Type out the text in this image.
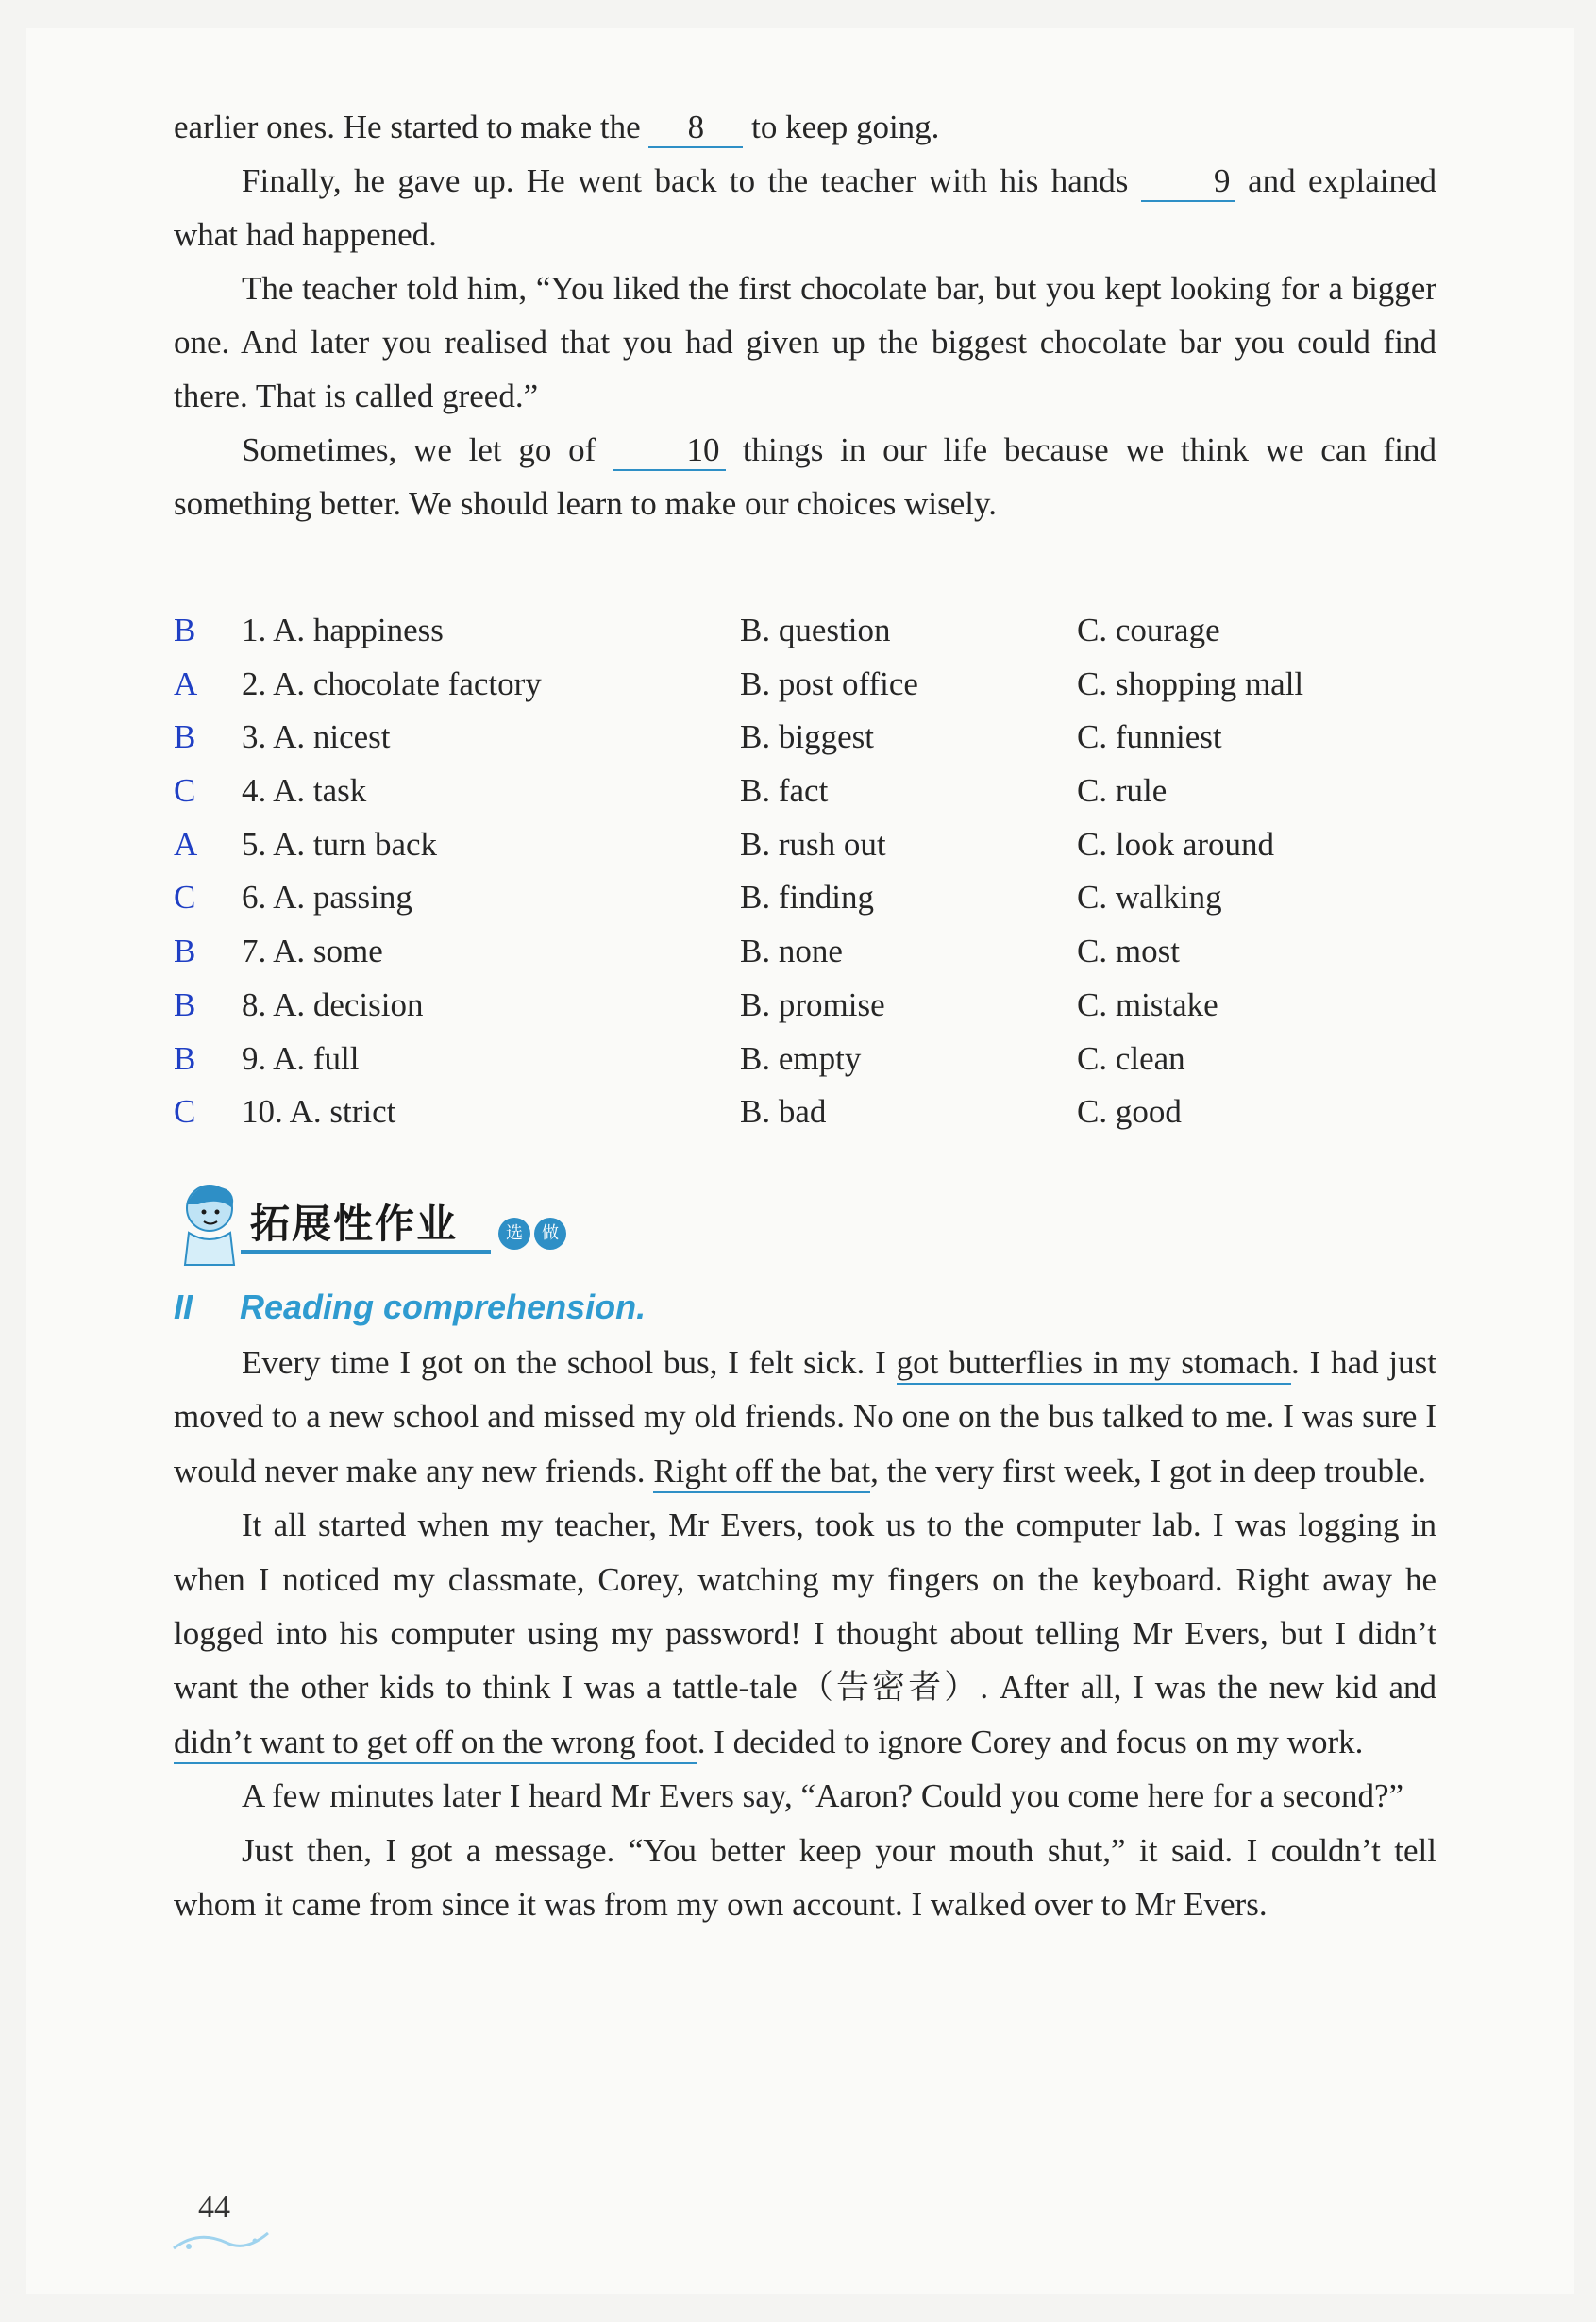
earlier ones. He started to make the 8 to keep going.

Finally, he gave up. He went back to the teacher with his hands	9 and explained what had happened.

The teacher told him, “You liked the first chocolate bar, but you kept looking for a bigger one. And later you realised that you had given up the biggest chocolate bar you could find there. That is called greed.”

Sometimes, we let go of	10 things in our life because we think we can find something better. We should learn to make our choices wisely.

B 1. A. happiness	B. question	C. courage
A 2. A. chocolate factory	B. post office	C. shopping mall
B 3. A. nicest	B. biggest	C. funniest
C 4. A. task	B. fact	C. rule
A 5. A. turn back	B. rush out	C. look around
C 6. A. passing	B. finding	C. walking
B 7. A. some	B. none	C. most
B 8. A. decision	B. promise	C. mistake
B 9. A. full	B. empty	C. clean
C 10. A. strict	B. bad	C. good
拓展性作业	选	做
II Reading comprehension.

Every time I got on the school bus, I felt sick. I got butterflies in my stomach. I had just moved to a new school and missed my old friends. No one on the bus talked to me. I was sure I would never make any new friends. Right off the bat, the very first week, I got in deep trouble.

It all started when my teacher, Mr Evers, took us to the computer lab. I was logging in when I noticed my classmate, Corey, watching my fingers on the keyboard. Right away he logged into his computer using my password! I thought about telling Mr Evers, but I didn’t want the other kids to think I was a tattle-tale（告密者）. After all, I was the new kid and didn’t want to get off on the wrong foot. I decided to ignore Corey and focus on my work.

A few minutes later I heard Mr Evers say, “Aaron? Could you come here for a second?”

Just then, I got a message. “You better keep your mouth shut,” it said. I couldn’t tell whom it came from since it was from my own account. I walked over to Mr Evers.

44
